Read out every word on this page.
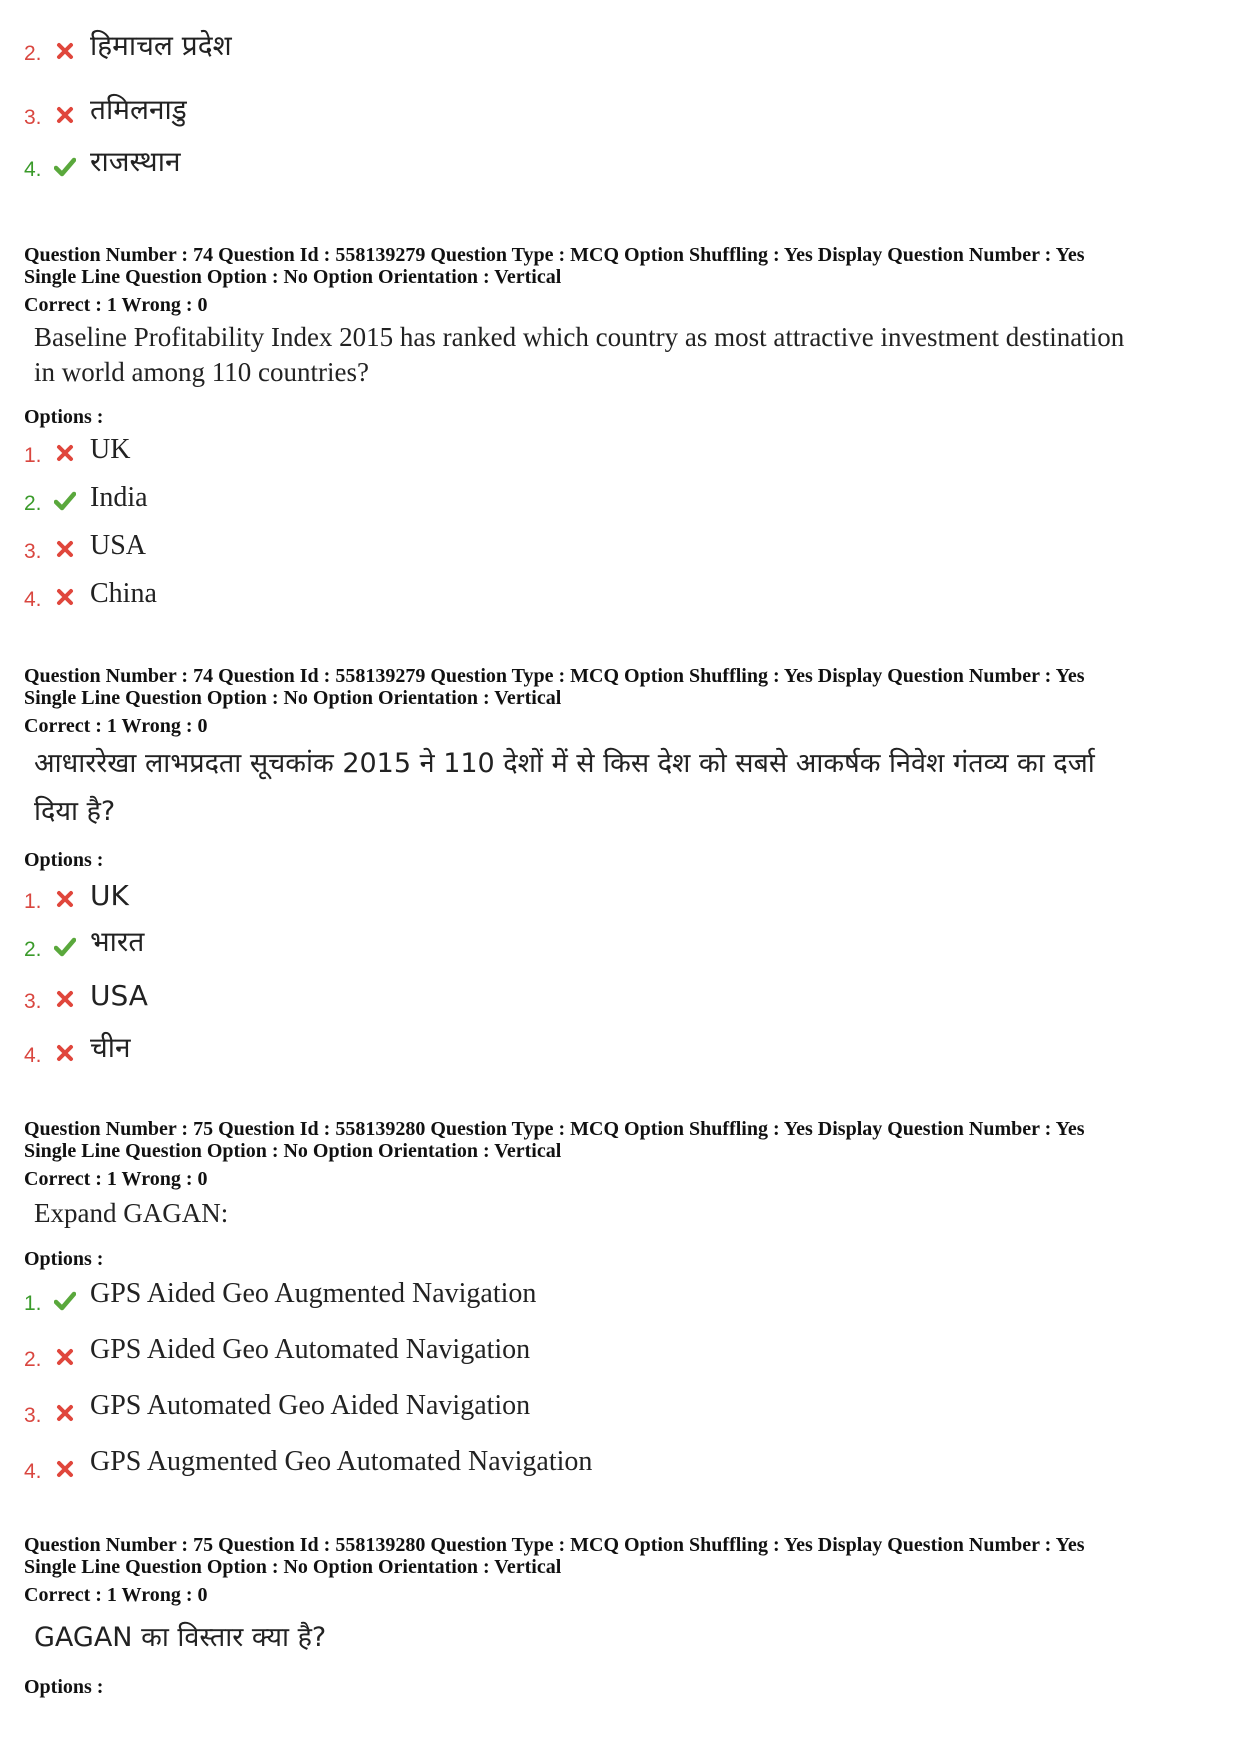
2. हिमाचल प्रदेश
3. तमिलनाडु
4. राजस्थान
Question Number : 74 Question Id : 558139279 Question Type : MCQ Option Shuffling : Yes Display Question Number : Yes
Single Line Question Option : No Option Orientation : Vertical
Correct : 1 Wrong : 0
Baseline Profitability Index 2015 has ranked which country as most attractive investment destination in world among 110 countries?
Options :
1. UK
2. India
3. USA
4. China
Question Number : 74 Question Id : 558139279 Question Type : MCQ Option Shuffling : Yes Display Question Number : Yes
Single Line Question Option : No Option Orientation : Vertical
Correct : 1 Wrong : 0
आधाररेखा लाभप्रदता सूचकांक 2015 ने 110 देशों में से किस देश को सबसे आकर्षक निवेश गंतव्य का दर्जा दिया है?
Options :
1. UK
2. भारत
3. USA
4. चीन
Question Number : 75 Question Id : 558139280 Question Type : MCQ Option Shuffling : Yes Display Question Number : Yes
Single Line Question Option : No Option Orientation : Vertical
Correct : 1 Wrong : 0
Expand GAGAN:
Options :
1. GPS Aided Geo Augmented Navigation
2. GPS Aided Geo Automated Navigation
3. GPS Automated Geo Aided Navigation
4. GPS Augmented Geo Automated Navigation
Question Number : 75 Question Id : 558139280 Question Type : MCQ Option Shuffling : Yes Display Question Number : Yes
Single Line Question Option : No Option Orientation : Vertical
Correct : 1 Wrong : 0
GAGAN का विस्तार क्या है?
Options :
